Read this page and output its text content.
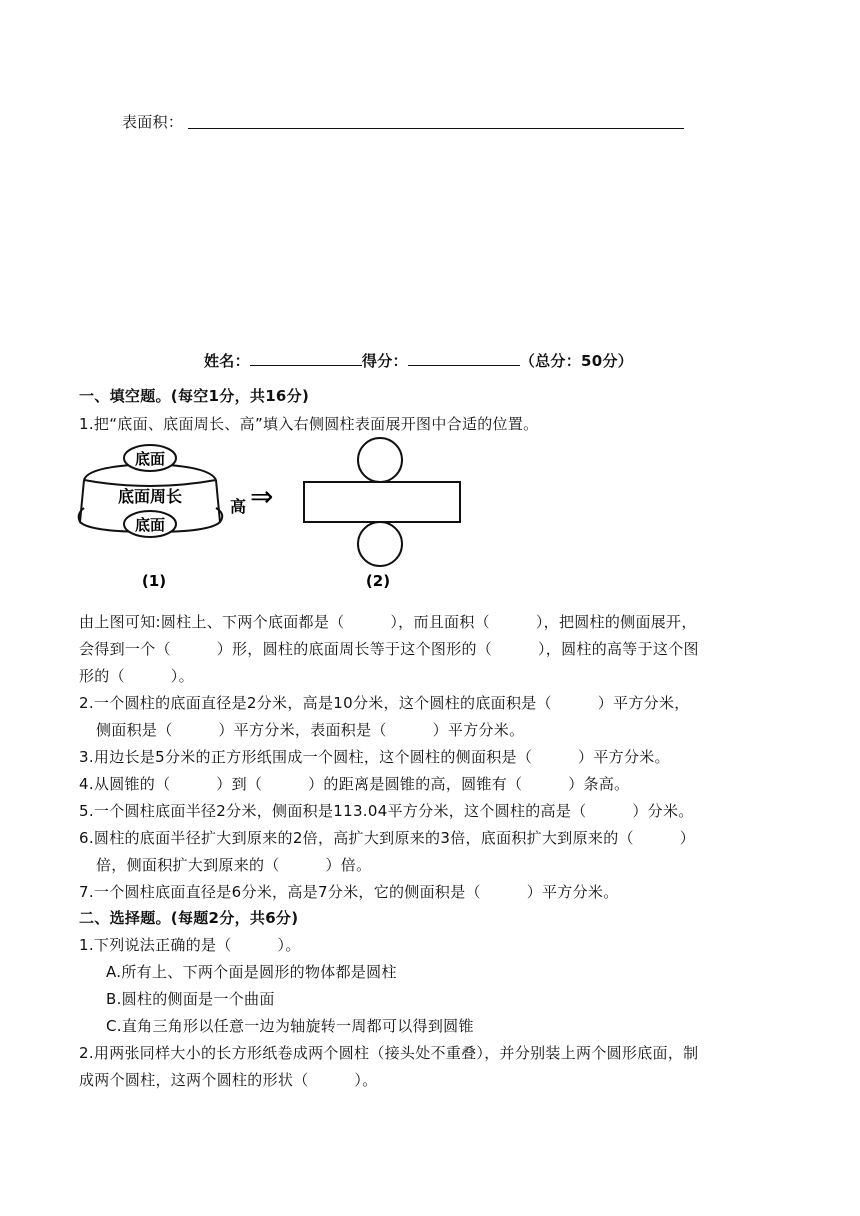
表面积：
姓名：	得分：	（总分：50分）
一、填空题。(每空1分，共16分)
1.把“底面、底面周长、高”填入右侧圆柱表面展开图中合适的位置。
底面
底面周长
底面
高 ⇒
(1)	(2)
由上图可知:圆柱上、下两个底面都是（　　　），而且面积（　　　），把圆柱的侧面展开，
会得到一个（　　　）形，圆柱的底面周长等于这个图形的（　　　），圆柱的高等于这个图
形的（　　　）。
2.一个圆柱的底面直径是2分米，高是10分米，这个圆柱的底面积是（　　　）平方分米，
侧面积是（　　　）平方分米，表面积是（　　　）平方分米。
3.用边长是5分米的正方形纸围成一个圆柱，这个圆柱的侧面积是（　　　）平方分米。
4.从圆锥的（　　　）到（　　　）的距离是圆锥的高，圆锥有（　　　）条高。
5.一个圆柱底面半径2分米，侧面积是113.04平方分米，这个圆柱的高是（　　　）分米。
6.圆柱的底面半径扩大到原来的2倍，高扩大到原来的3倍，底面积扩大到原来的（　　　）
倍，侧面积扩大到原来的（　　　）倍。
7.一个圆柱底面直径是6分米，高是7分米，它的侧面积是（　　　）平方分米。
二、选择题。(每题2分，共6分)
1.下列说法正确的是（　　　）。
A.所有上、下两个面是圆形的物体都是圆柱
B.圆柱的侧面是一个曲面
C.直角三角形以任意一边为轴旋转一周都可以得到圆锥
2.用两张同样大小的长方形纸卷成两个圆柱（接头处不重叠），并分别装上两个圆形底面，制
成两个圆柱，这两个圆柱的形状（　　　）。
